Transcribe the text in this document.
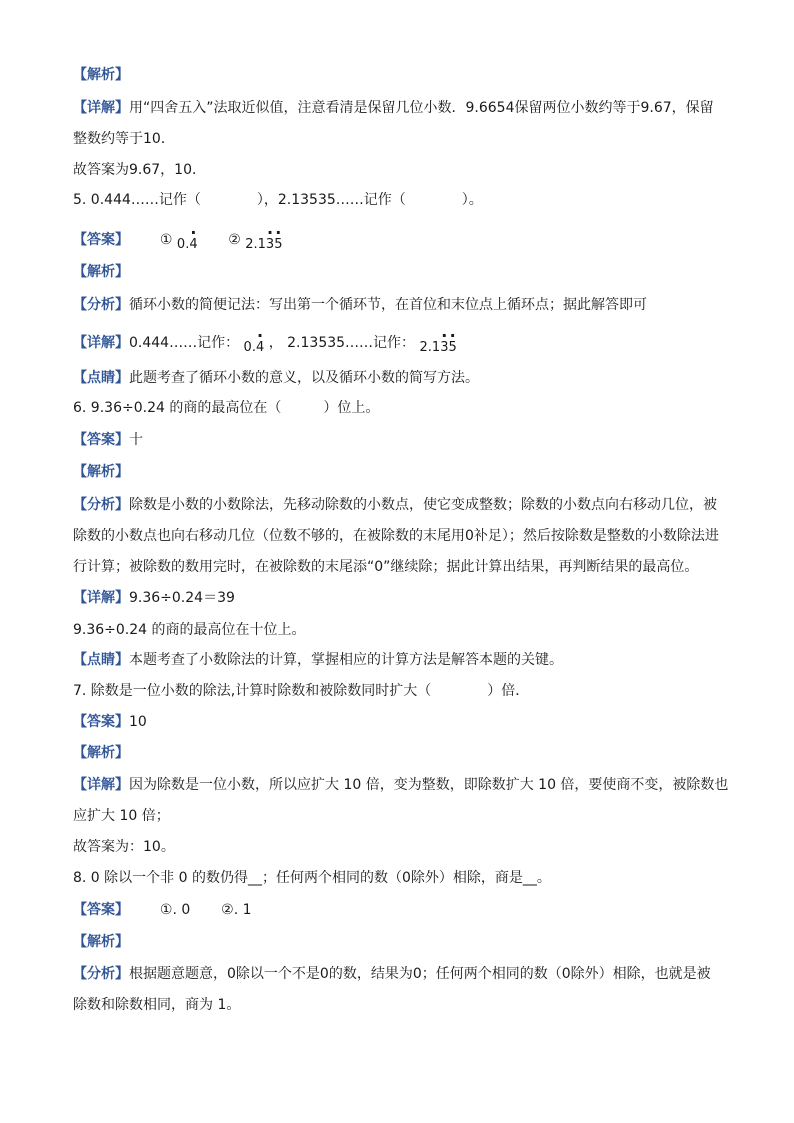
【解析】
【详解】用“四舍五入”法取近似值，注意看清是保留几位小数．9.6654保留两位小数约等于9.67，保留
整数约等于10．
故答案为9.67，10．
5. 0.444……记作（　　　　），2.13535……记作（　　　　）。
【答案】 ① 0.· 4 ② 2.1· 3· 5
【解析】
【分析】循环小数的简便记法：写出第一个循环节，在首位和末位点上循环点；据此解答即可
【详解】0.444……记作： 0.· 4 ， 2.13535……记作： 2.1· 3· 5
【点睛】此题考查了循环小数的意义，以及循环小数的简写方法。
6. 9.36÷0.24 的商的最高位在（　　　）位上。
【答案】十
【解析】
【分析】除数是小数的小数除法，先移动除数的小数点，使它变成整数；除数的小数点向右移动几位，被
除数的小数点也向右移动几位（位数不够的，在被除数的末尾用0补足）；然后按除数是整数的小数除法进
行计算；被除数的数用完时，在被除数的末尾添“0”继续除；据此计算出结果，再判断结果的最高位。
【详解】9.36÷0.24＝39
9.36÷0.24 的商的最高位在十位上。
【点睛】本题考查了小数除法的计算，掌握相应的计算方法是解答本题的关键。
7. 除数是一位小数的除法,计算时除数和被除数同时扩大（　　　　）倍．
【答案】10
【解析】
【详解】因为除数是一位小数，所以应扩大 10 倍，变为整数，即除数扩大 10 倍，要使商不变，被除数也
应扩大 10 倍；
故答案为：10。
8. 0 除以一个非 0 的数仍得__；任何两个相同的数（0除外）相除，商是__。
【答案】 ①. 0 ②. 1
【解析】
【分析】根据题意题意，0除以一个不是0的数，结果为0；任何两个相同的数（0除外）相除，也就是被
除数和除数相同，商为 1。
